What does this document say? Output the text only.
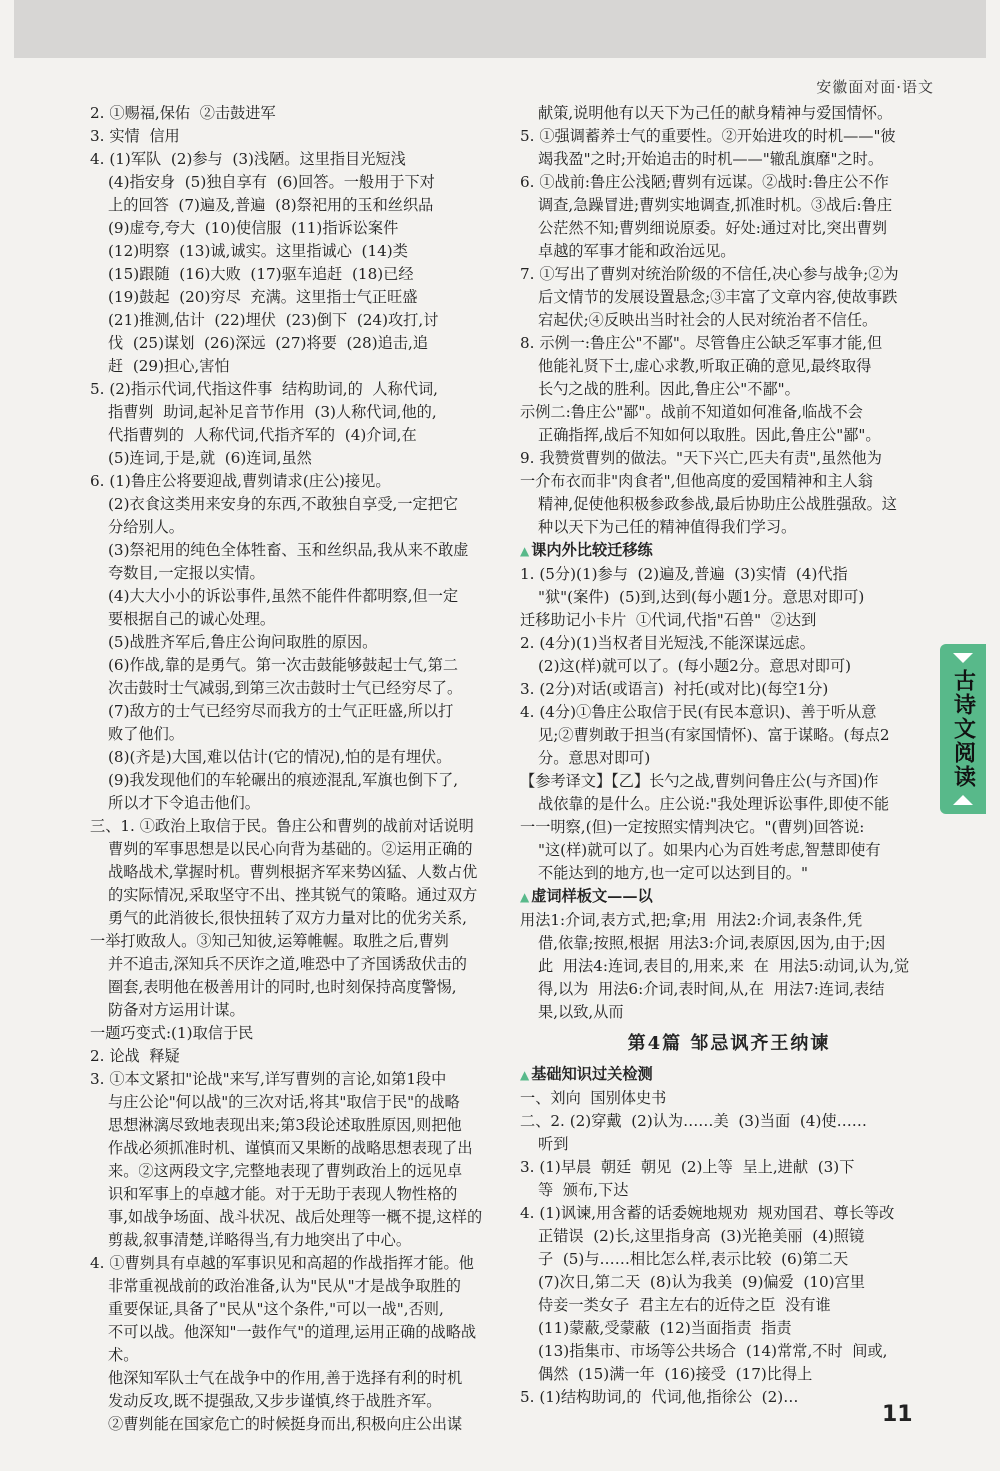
安徽面对面·语文

2. ①赐福,保佑  ②击鼓进军

3. 实情  信用

4. (1)军队  (2)参与  (3)浅陋。这里指目光短浅

(4)指安身  (5)独自享有  (6)回答。一般用于下对

上的回答  (7)遍及,普遍  (8)祭祀用的玉和丝织品

(9)虚夸,夸大  (10)使信服  (11)指诉讼案件

(12)明察  (13)诚,诚实。这里指诚心  (14)类

(15)跟随  (16)大败  (17)驱车追赶  (18)已经

(19)鼓起  (20)穷尽  充满。这里指士气正旺盛

(21)推测,估计  (22)埋伏  (23)倒下  (24)攻打,讨

伐  (25)谋划  (26)深远  (27)将要  (28)追击,追

赶  (29)担心,害怕

5. (2)指示代词,代指这件事  结构助词,的  人称代词,

指曹刿  助词,起补足音节作用  (3)人称代词,他的,

代指曹刿的  人称代词,代指齐军的  (4)介词,在

(5)连词,于是,就  (6)连词,虽然

6. (1)鲁庄公将要迎战,曹刿请求(庄公)接见。

(2)衣食这类用来安身的东西,不敢独自享受,一定把它

分给别人。

(3)祭祀用的纯色全体牲畜、玉和丝织品,我从来不敢虚

夸数目,一定报以实情。

(4)大大小小的诉讼事件,虽然不能件件都明察,但一定

要根据自己的诚心处理。

(5)战胜齐军后,鲁庄公询问取胜的原因。

(6)作战,靠的是勇气。第一次击鼓能够鼓起士气,第二

次击鼓时士气减弱,到第三次击鼓时士气已经穷尽了。

(7)敌方的士气已经穷尽而我方的士气正旺盛,所以打

败了他们。

(8)(齐是)大国,难以估计(它的情况),怕的是有埋伏。

(9)我发现他们的车轮碾出的痕迹混乱,军旗也倒下了,

所以才下令追击他们。

三、1. ①政治上取信于民。鲁庄公和曹刿的战前对话说明

曹刿的军事思想是以民心向背为基础的。②运用正确的

战略战术,掌握时机。曹刿根据齐军来势凶猛、人数占优

的实际情况,采取坚守不出、挫其锐气的策略。通过双方

勇气的此消彼长,很快扭转了双方力量对比的优劣关系,

一举打败敌人。③知己知彼,运筹帷幄。取胜之后,曹刿

并不追击,深知兵不厌诈之道,唯恐中了齐国诱敌伏击的

圈套,表明他在极善用计的同时,也时刻保持高度警惕,

防备对方运用计谋。

一题巧变式:(1)取信于民

2. 论战  释疑

3. ①本文紧扣"论战"来写,详写曹刿的言论,如第1段中

与庄公论"何以战"的三次对话,将其"取信于民"的战略

思想淋漓尽致地表现出来;第3段论述取胜原因,则把他

作战必须抓准时机、谨慎而又果断的战略思想表现了出

来。②这两段文字,完整地表现了曹刿政治上的远见卓

识和军事上的卓越才能。对于无助于表现人物性格的

事,如战争场面、战斗状况、战后处理等一概不提,这样的

剪裁,叙事清楚,详略得当,有力地突出了中心。

4. ①曹刿具有卓越的军事识见和高超的作战指挥才能。他

非常重视战前的政治准备,认为"民从"才是战争取胜的

重要保证,具备了"民从"这个条件,"可以一战",否则,

不可以战。他深知"一鼓作气"的道理,运用正确的战略战术。

他深知军队士气在战争中的作用,善于选择有利的时机

发动反攻,既不提强敌,又步步谨慎,终于战胜齐军。

②曹刿能在国家危亡的时候挺身而出,积极向庄公出谋

献策,说明他有以天下为己任的献身精神与爱国情怀。

5. ①强调蓄养士气的重要性。②开始进攻的时机——"彼

竭我盈"之时;开始追击的时机——"辙乱旗靡"之时。

6. ①战前:鲁庄公浅陋;曹刿有远谋。②战时:鲁庄公不作

调查,急躁冒进;曹刿实地调查,抓准时机。③战后:鲁庄

公茫然不知;曹刿细说原委。好处:通过对比,突出曹刿

卓越的军事才能和政治远见。

7. ①写出了曹刿对统治阶级的不信任,决心参与战争;②为

后文情节的发展设置悬念;③丰富了文章内容,使故事跌

宕起伏;④反映出当时社会的人民对统治者不信任。

8. 示例一:鲁庄公"不鄙"。尽管鲁庄公缺乏军事才能,但

他能礼贤下士,虚心求教,听取正确的意见,最终取得

长勺之战的胜利。因此,鲁庄公"不鄙"。

示例二:鲁庄公"鄙"。战前不知道如何准备,临战不会

正确指挥,战后不知如何以取胜。因此,鲁庄公"鄙"。

9. 我赞赏曹刿的做法。"天下兴亡,匹夫有责",虽然他为

一介布衣而非"肉食者",但他高度的爱国精神和主人翁

精神,促使他积极参政参战,最后协助庄公战胜强敌。这

种以天下为己任的精神值得我们学习。

▲ 课内外比较迁移练

1. (5分)(1)参与  (2)遍及,普遍  (3)实情  (4)代指

"狱"(案件)  (5)到,达到(每小题1分。意思对即可)

迁移助记小卡片  ①代词,代指"石兽"  ②达到

2. (4分)(1)当权者目光短浅,不能深谋远虑。

(2)这(样)就可以了。(每小题2分。意思对即可)

3. (2分)对话(或语言)  衬托(或对比)(每空1分)

4. (4分)①鲁庄公取信于民(有民本意识)、善于听从意

见;②曹刿敢于担当(有家国情怀)、富于谋略。(每点2

分。意思对即可)

【参考译文】【乙】长勺之战,曹刿问鲁庄公(与齐国)作

战依靠的是什么。庄公说:"我处理诉讼事件,即使不能

一一明察,(但)一定按照实情判决它。"(曹刿)回答说:

"这(样)就可以了。如果内心为百姓考虑,智慧即使有

不能达到的地方,也一定可以达到目的。"

▲ 虚词样板文——以

用法1:介词,表方式,把;拿;用  用法2:介词,表条件,凭

借,依靠;按照,根据  用法3:介词,表原因,因为,由于;因

此  用法4:连词,表目的,用来,来  在  用法5:动词,认为,觉

得,以为  用法6:介词,表时间,从,在  用法7:连词,表结

果,以致,从而

第4篇 邹忌讽齐王纳谏

▲ 基础知识过关检测

一、刘向  国别体史书

二、2. (2)穿戴  (2)认为……美  (3)当面  (4)使……

听到

3. (1)早晨  朝廷  朝见  (2)上等  呈上,进献  (3)下

等  颁布,下达

4. (1)讽谏,用含蓄的话委婉地规劝  规劝国君、尊长等改

正错误  (2)长,这里指身高  (3)光艳美丽  (4)照镜

子  (5)与……相比怎么样,表示比较  (6)第二天

(7)次日,第二天  (8)认为我美  (9)偏爱  (10)宫里

侍妾一类女子  君主左右的近侍之臣  没有谁

(11)蒙蔽,受蒙蔽  (12)当面指责  指责

(13)指集市、市场等公共场合  (14)常常,不时  间或,

偶然  (15)满一年  (16)接受  (17)比得上

5. (1)结构助词,的  代词,他,指徐公  (2)…

古诗文阅读
11
